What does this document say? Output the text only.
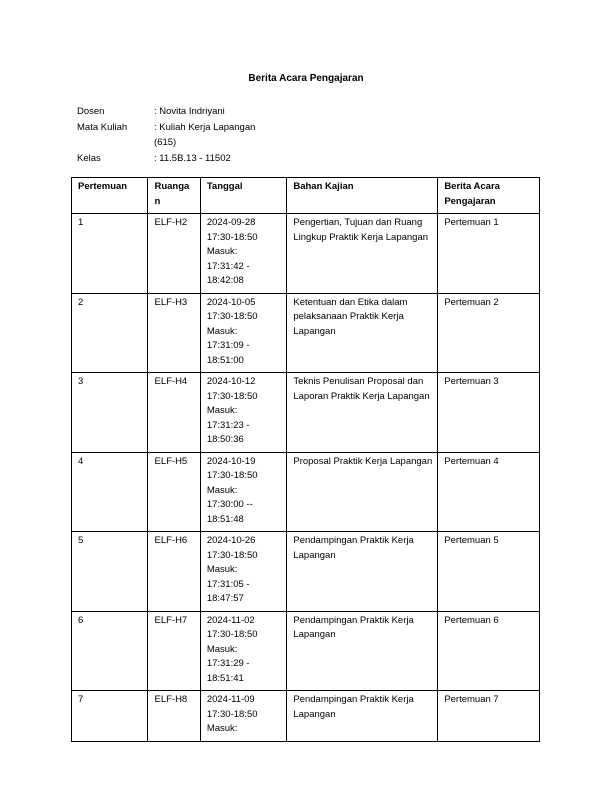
Berita Acara Pengajaran
Dosen	: Novita Indriyani
Mata Kuliah	: Kuliah Kerja Lapangan (615)
Kelas	: 11.5B.13 - 11502
Pertemuan	Ruangan	Tanggal	Bahan Kajian	Berita Acara Pengajaran
1	ELF-H2	2024-09-28
17:30-18:50
Masuk:
17:31:42 - 18:42:08	Pengertian, Tujuan dan Ruang Lingkup Praktik Kerja Lapangan	Pertemuan 1
2	ELF-H3	2024-10-05
17:30-18:50
Masuk:
17:31:09 - 18:51:00	Ketentuan dan Etika dalam pelaksanaan Praktik Kerja Lapangan	Pertemuan 2
3	ELF-H4	2024-10-12
17:30-18:50
Masuk:
17:31:23 - 18:50:36	Teknis Penulisan Proposal dan Laporan Praktik Kerja Lapangan	Pertemuan 3
4	ELF-H5	2024-10-19
17:30-18:50
Masuk:
17:30:00 -- 18:51:48	Proposal Praktik Kerja Lapangan	Pertemuan 4
5	ELF-H6	2024-10-26
17:30-18:50
Masuk:
17:31:05 - 18:47:57	Pendampingan Praktik Kerja Lapangan	Pertemuan 5
6	ELF-H7	2024-11-02
17:30-18:50
Masuk:
17:31:29 - 18:51:41	Pendampingan Praktik Kerja Lapangan	Pertemuan 6
7	ELF-H8	2024-11-09
17:30-18:50
Masuk:	Pendampingan Praktik Kerja Lapangan	Pertemuan 7
